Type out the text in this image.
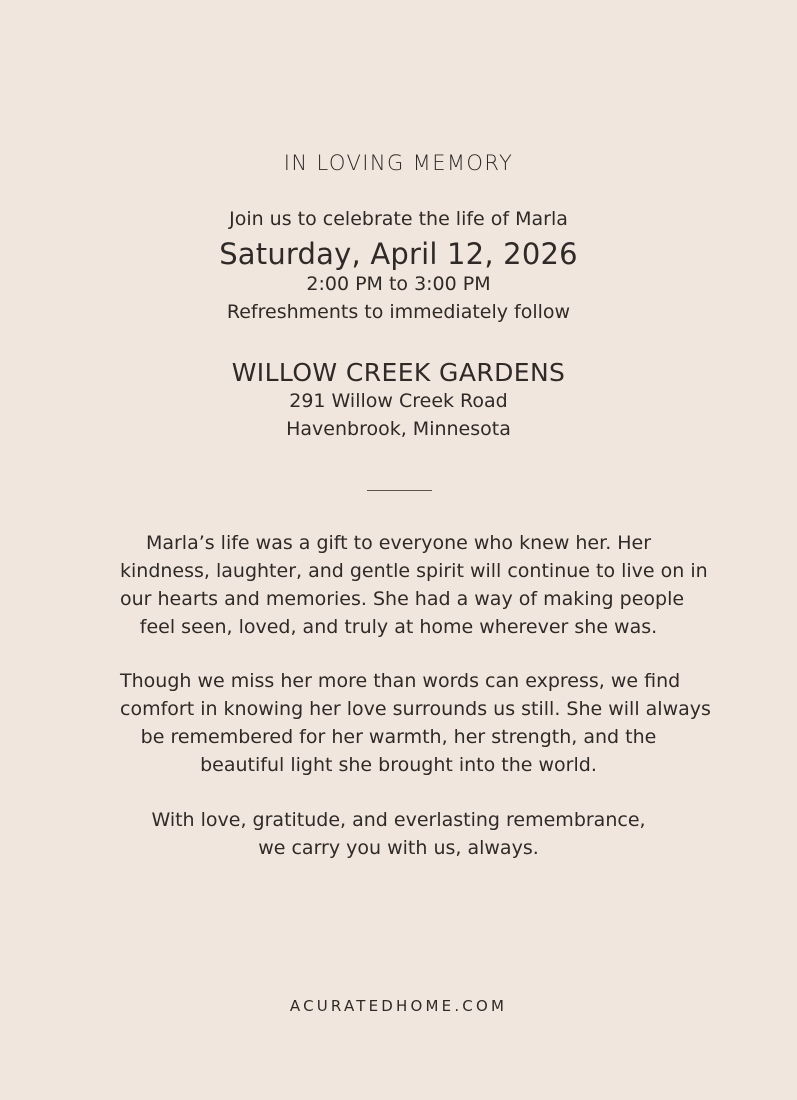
IN LOVING MEMORY
Join us to celebrate the life of Marla
Saturday, April 12, 2026
2:00 PM to 3:00 PM
Refreshments to immediately follow
WILLOW CREEK GARDENS
291 Willow Creek Road
Havenbrook, Minnesota

Marla’s life was a gift to everyone who knew her. Her
kindness, laughter, and gentle spirit will continue to live on in
our hearts and memories. She had a way of making people
feel seen, loved, and truly at home wherever she was.

Though we miss her more than words can express, we find
comfort in knowing her love surrounds us still. She will always
be remembered for her warmth, her strength, and the
beautiful light she brought into the world.

With love, gratitude, and everlasting remembrance,
we carry you with us, always.

ACURATEDHOME.COM
